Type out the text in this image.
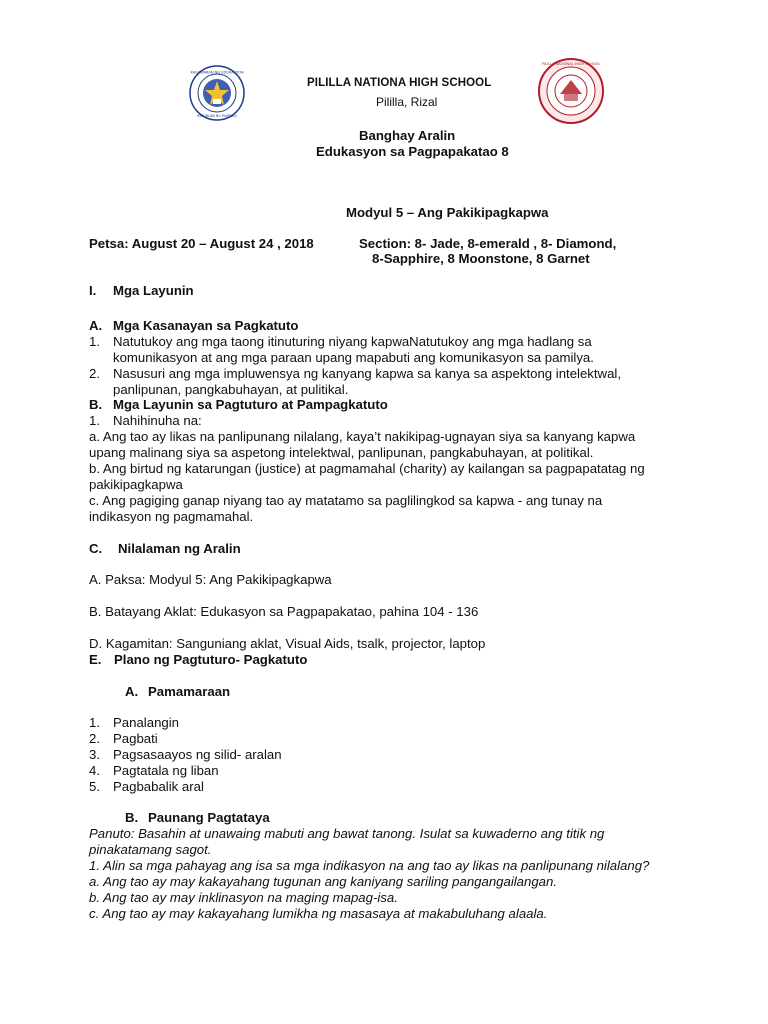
KAGAWARAN NG EDUKASYON
REPUBLIKA NG PILIPINAS
PILILLA NATIONAL HIGH SCHOOL
PILILLA NATIONA HIGH SCHOOL
Pililla, Rizal
Banghay Aralin
Edukasyon sa Pagpapakatao 8
Modyul 5 – Ang Pakikipagkapwa
Petsa: August 20 – August 24 , 2018	Section: 8- Jade, 8-emerald , 8- Diamond,
8-Sapphire, 8 Moonstone, 8 Garnet
I. Mga Layunin
A. Mga Kasanayan sa Pagkatuto
1. Natutukoy ang mga taong itinuturing niyang kapwaNatutukoy ang mga hadlang sa
komunikasyon at ang mga paraan upang mapabuti ang komunikasyon sa pamilya.
2. Nasusuri ang mga impluwensya ng kanyang kapwa sa kanya sa aspektong intelektwal,
panlipunan, pangkabuhayan, at pulitikal.
B. Mga Layunin sa Pagtuturo at Pampagkatuto
1. Nahihinuha na:
a. Ang tao ay likas na panlipunang nilalang, kaya’t nakikipag-ugnayan siya sa kanyang kapwa
upang malinang siya sa aspetong intelektwal, panlipunan, pangkabuhayan, at politikal.
b. Ang birtud ng katarungan (justice) at pagmamahal (charity) ay kailangan sa pagpapatatag ng
pakikipagkapwa
c. Ang pagiging ganap niyang tao ay matatamo sa paglilingkod sa kapwa - ang tunay na
indikasyon ng pagmamahal.
C. Nilalaman ng Aralin
A. Paksa: Modyul 5: Ang Pakikipagkapwa
B. Batayang Aklat: Edukasyon sa Pagpapakatao, pahina 104 - 136
D. Kagamitan: Sanguniang aklat, Visual Aids, tsalk, projector, laptop
E. Plano ng Pagtuturo- Pagkatuto
A. Pamamaraan
1. Panalangin
2. Pagbati
3. Pagsasaayos ng silid- aralan
4. Pagtatala ng liban
5. Pagbabalik aral
B. Paunang Pagtataya
Panuto: Basahin at unawaing mabuti ang bawat tanong. Isulat sa kuwaderno ang titik ng
pinakatamang sagot.
1. Alin sa mga pahayag ang isa sa mga indikasyon na ang tao ay likas na panlipunang nilalang?
a. Ang tao ay may kakayahang tugunan ang kaniyang sariling pangangailangan.
b. Ang tao ay may inklinasyon na maging mapag-isa.
c. Ang tao ay may kakayahang lumikha ng masasaya at makabuluhang alaala.
